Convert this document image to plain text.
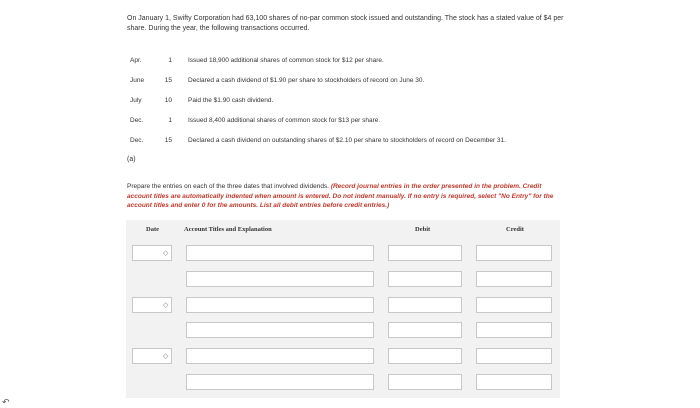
On January 1, Swifty Corporation had 63,100 shares of no-par common stock issued and outstanding. The stock has a stated value of $4 per share. During the year, the following transactions occurred.
Apr.	1	Issued 18,900 additional shares of common stock for $12 per share.
June	15	Declared a cash dividend of $1.90 per share to stockholders of record on June 30.
July	10	Paid the $1.90 cash dividend.
Dec.	1	Issued 8,400 additional shares of common stock for $13 per share.
Dec.	15	Declared a cash dividend on outstanding shares of $2.10 per share to stockholders of record on December 31.
(a)
Prepare the entries on each of the three dates that involved dividends. (Record journal entries in the order presented in the problem. Credit account titles are automatically indented when amount is entered. Do not indent manually. If no entry is required, select "No Entry" for the account titles and enter 0 for the amounts. List all debit entries before credit entries.)
Date	Account Titles and Explanation	Debit	Credit
◇
◇
◇
↶
